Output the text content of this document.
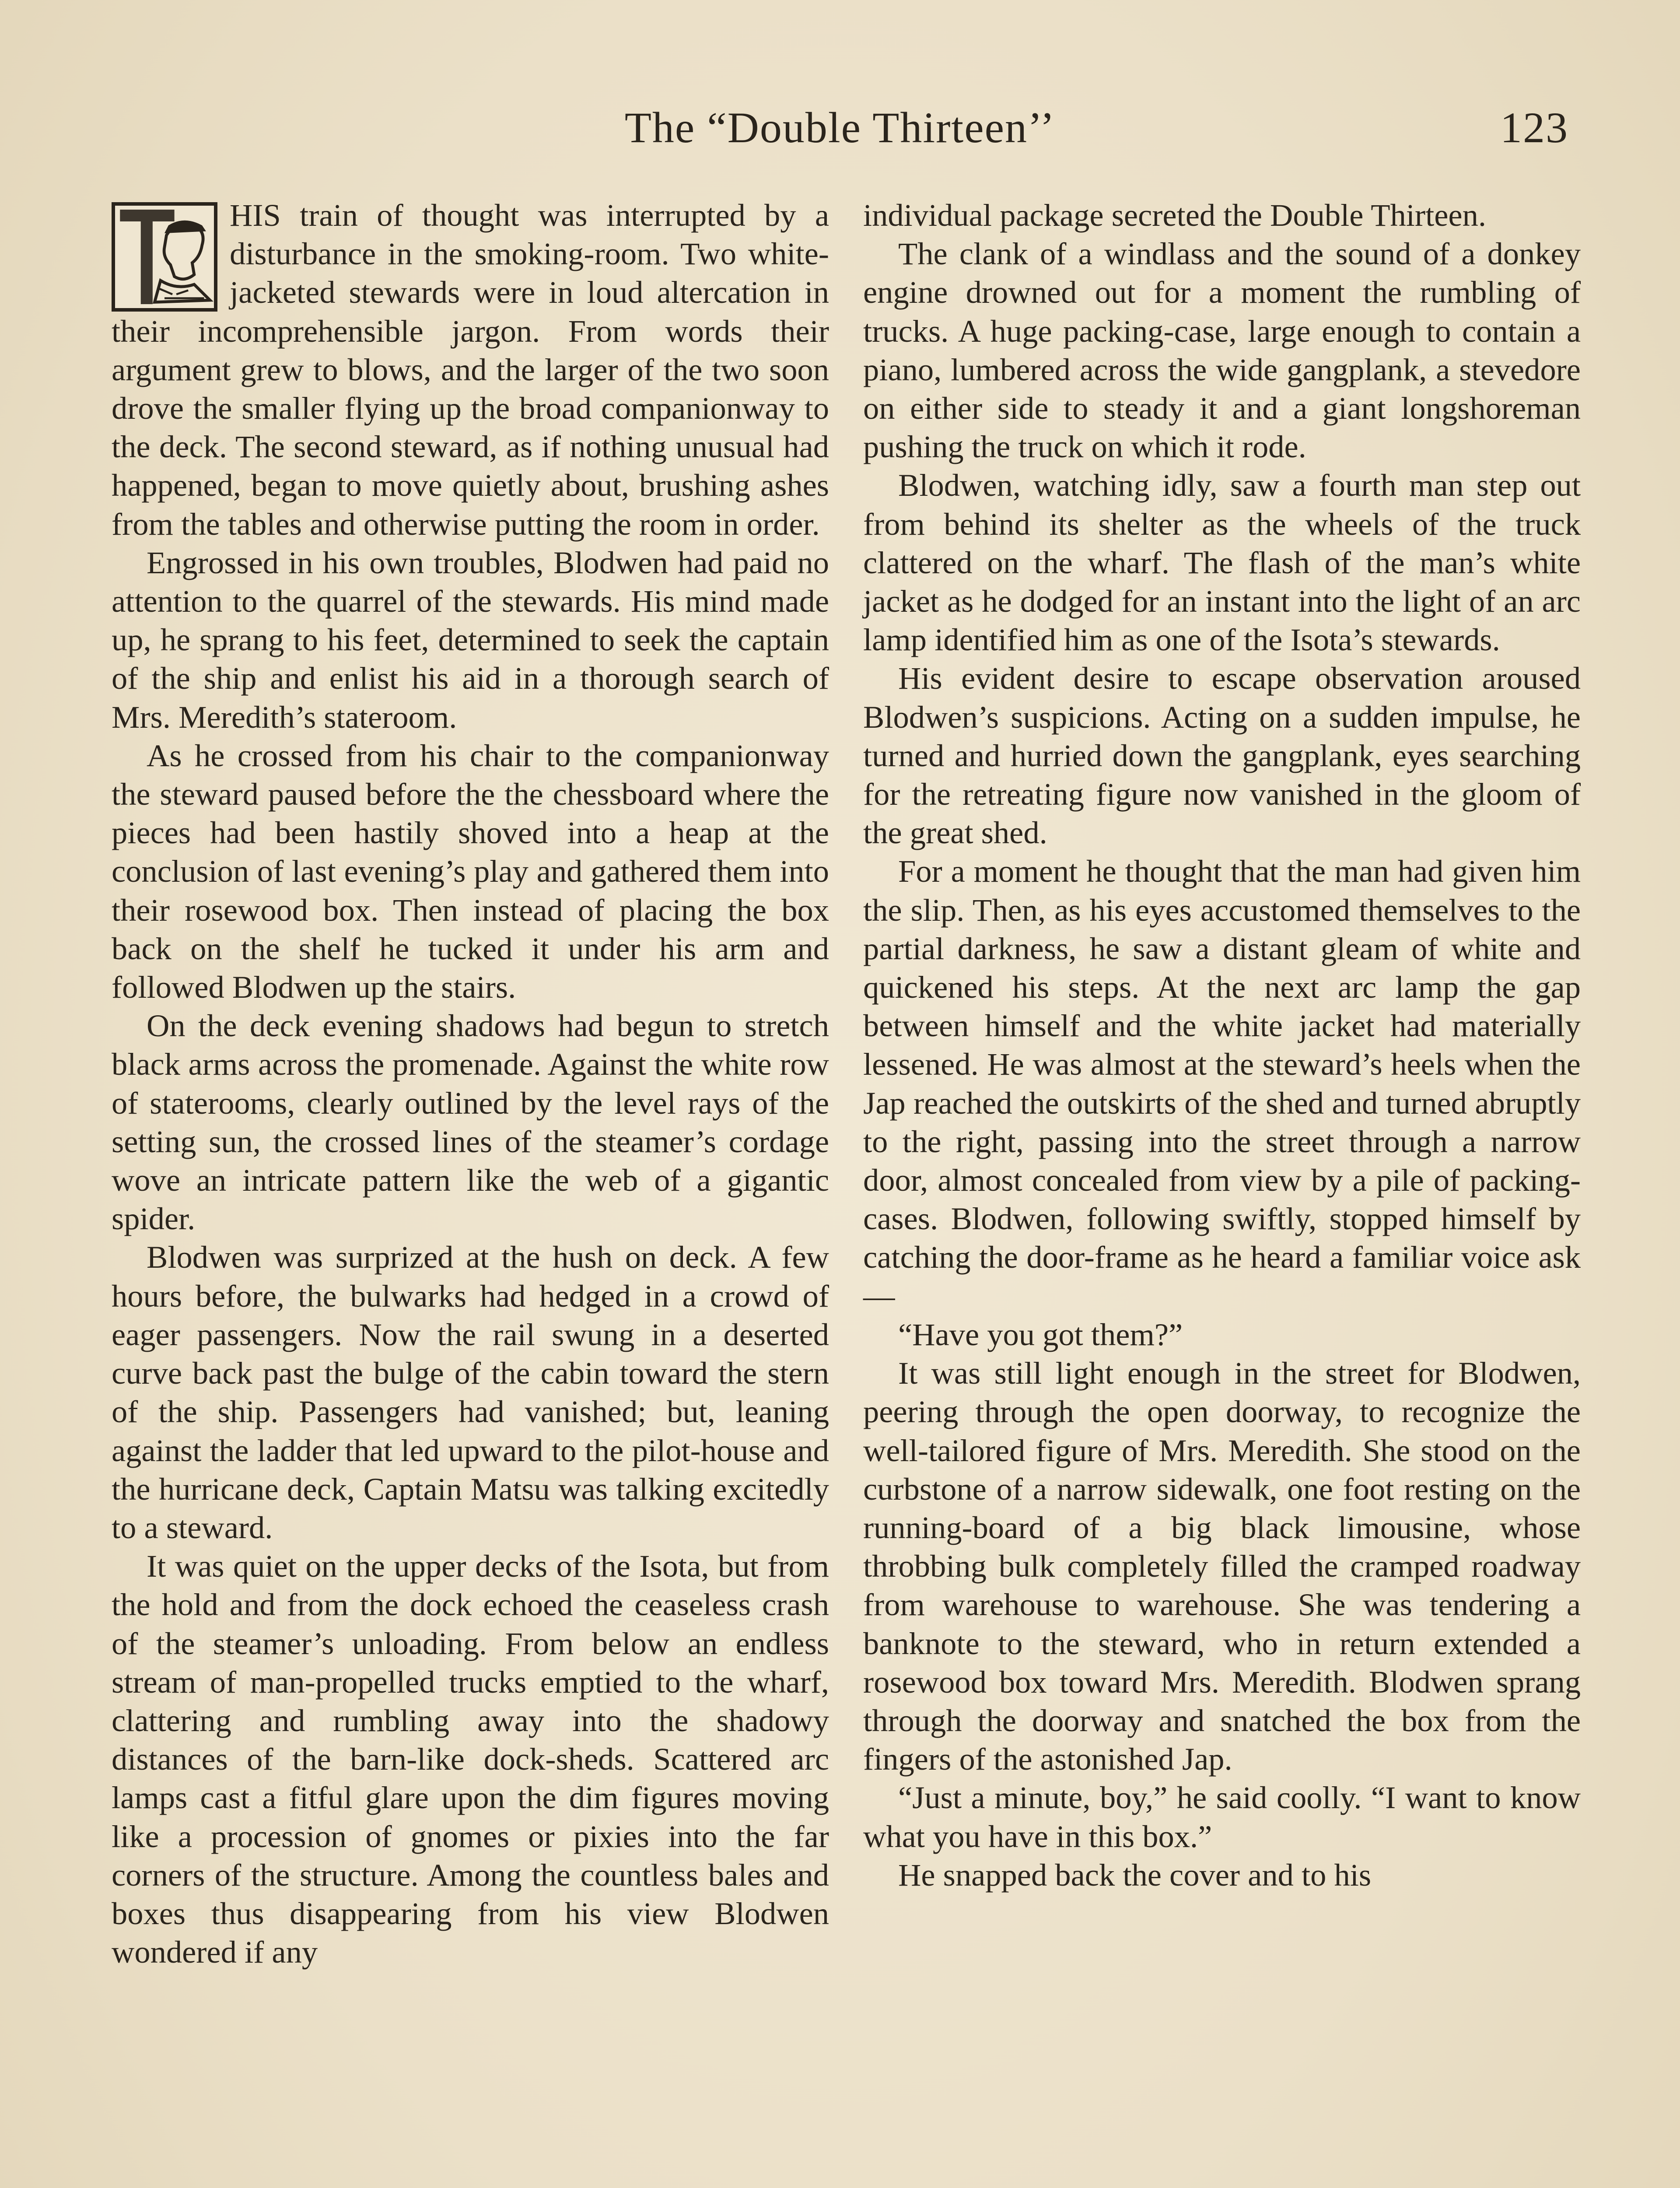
The “Double Thirteen’’	123

HIS train of thought was interrupted by a disturbance in the smoking-room. Two white-jacketed stewards were in loud altercation in their incomprehensible jargon. From words their argument grew to blows, and the larger of the two soon drove the smaller flying up the broad companionway to the deck. The second steward, as if nothing unusual had happened, began to move quietly about, brushing ashes from the tables and otherwise putting the room in order.

Engrossed in his own troubles, Blodwen had paid no attention to the quarrel of the stewards. His mind made up, he sprang to his feet, determined to seek the captain of the ship and enlist his aid in a thorough search of Mrs. Meredith’s stateroom.

As he crossed from his chair to the companionway the steward paused before the the chessboard where the pieces had been hastily shoved into a heap at the conclusion of last evening’s play and gathered them into their rosewood box. Then instead of placing the box back on the shelf he tucked it under his arm and followed Blodwen up the stairs.

On the deck evening shadows had begun to stretch black arms across the promenade. Against the white row of staterooms, clearly outlined by the level rays of the setting sun, the crossed lines of the steamer’s cordage wove an intricate pattern like the web of a gigantic spider.

Blodwen was surprized at the hush on deck. A few hours before, the bulwarks had hedged in a crowd of eager passengers. Now the rail swung in a deserted curve back past the bulge of the cabin toward the stern of the ship. Passengers had vanished; but, leaning against the ladder that led upward to the pilot-house and the hurricane deck, Captain Matsu was talking excitedly to a steward.

It was quiet on the upper decks of the Isota, but from the hold and from the dock echoed the ceaseless crash of the steamer’s unloading. From below an endless stream of man-propelled trucks emptied to the wharf, clattering and rumbling away into the shadowy distances of the barn-like dock-sheds. Scattered arc lamps cast a fitful glare upon the dim figures moving like a procession of gnomes or pixies into the far corners of the structure. Among the countless bales and boxes thus disappearing from his view Blodwen wondered if any

individual package secreted the Double Thirteen.

The clank of a windlass and the sound of a donkey engine drowned out for a moment the rumbling of trucks. A huge packing-case, large enough to contain a piano, lumbered across the wide gangplank, a stevedore on either side to steady it and a giant longshoreman pushing the truck on which it rode.

Blodwen, watching idly, saw a fourth man step out from behind its shelter as the wheels of the truck clattered on the wharf. The flash of the man’s white jacket as he dodged for an instant into the light of an arc lamp identified him as one of the Isota’s stewards.

His evident desire to escape observation aroused Blodwen’s suspicions. Acting on a sudden impulse, he turned and hurried down the gangplank, eyes searching for the retreating figure now vanished in the gloom of the great shed.

For a moment he thought that the man had given him the slip. Then, as his eyes accustomed themselves to the partial darkness, he saw a distant gleam of white and quickened his steps. At the next arc lamp the gap between himself and the white jacket had materially lessened. He was almost at the steward’s heels when the Jap reached the outskirts of the shed and turned abruptly to the right, passing into the street through a narrow door, almost concealed from view by a pile of packing-cases. Blodwen, following swiftly, stopped himself by catching the door-frame as he heard a familiar voice ask—

“Have you got them?”

It was still light enough in the street for Blodwen, peering through the open doorway, to recognize the well-tailored figure of Mrs. Meredith. She stood on the curbstone of a narrow sidewalk, one foot resting on the running-board of a big black limousine, whose throbbing bulk completely filled the cramped roadway from warehouse to warehouse. She was tendering a banknote to the steward, who in return extended a rosewood box toward Mrs. Meredith. Blodwen sprang through the doorway and snatched the box from the fingers of the astonished Jap.

“Just a minute, boy,” he said coolly. “I want to know what you have in this box.”

He snapped back the cover and to his
